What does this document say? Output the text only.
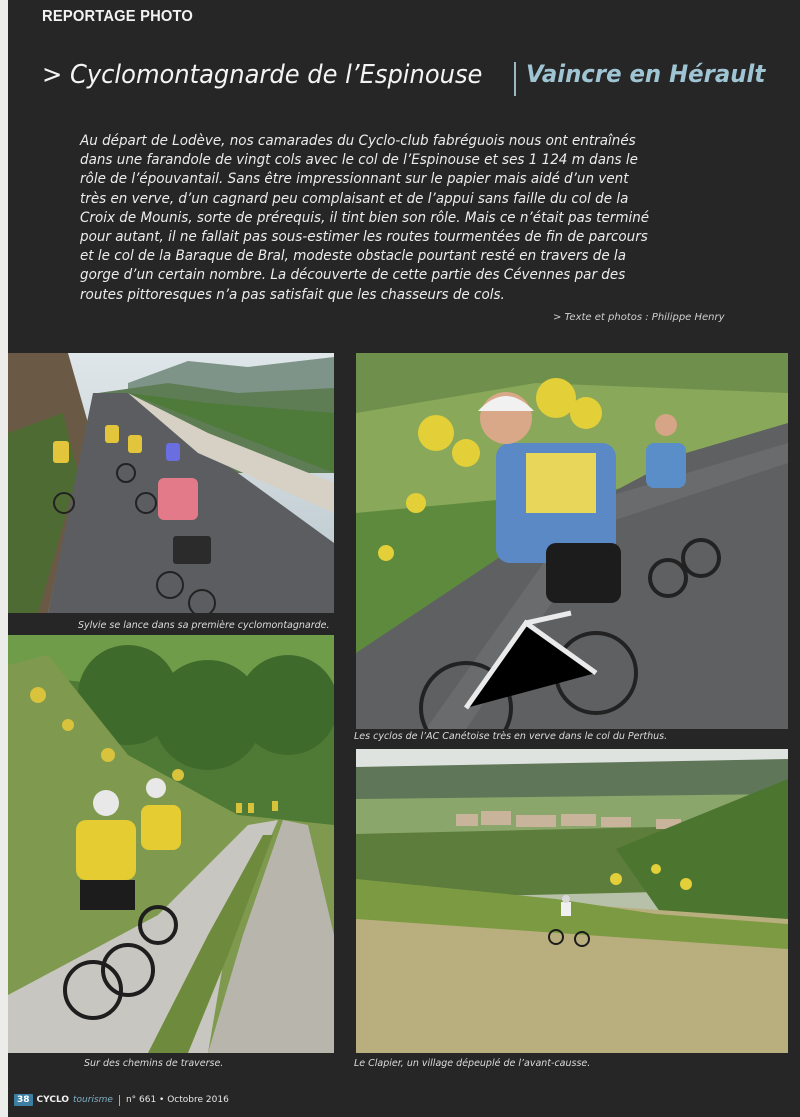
REPORTAGE PHOTO
> Cyclomontagnarde de l’Espinouse Vaincre en Hérault

Au départ de Lodève, nos camarades du Cyclo-club fabréguois nous ont entraînés

dans une farandole de vingt cols avec le col de l’Espinouse et ses 1 124 m dans le

rôle de l’épouvantail. Sans être impressionnant sur le papier mais aidé d’un vent

très en verve, d’un cagnard peu complaisant et de l’appui sans faille du col de la

Croix de Mounis, sorte de prérequis, il tint bien son rôle. Mais ce n’était pas terminé

pour autant, il ne fallait pas sous-estimer les routes tourmentées de fin de parcours

et le col de la Baraque de Bral, modeste obstacle pourtant resté en travers de la

gorge d’un certain nombre. La découverte de cette partie des Cévennes par des

routes pittoresques n’a pas satisfait que les chasseurs de cols.

> Texte et photos : Philippe Henry
Sylvie se lance dans sa première cyclomontagnarde.
Les cyclos de l’AC Canétoise très en verve dans le col du Perthus.
Sur des chemins de traverse.	Le Clapier, un village dépeuplé de l’avant-causse.
38 CYCLO tourisme n° 661 • Octobre 2016
